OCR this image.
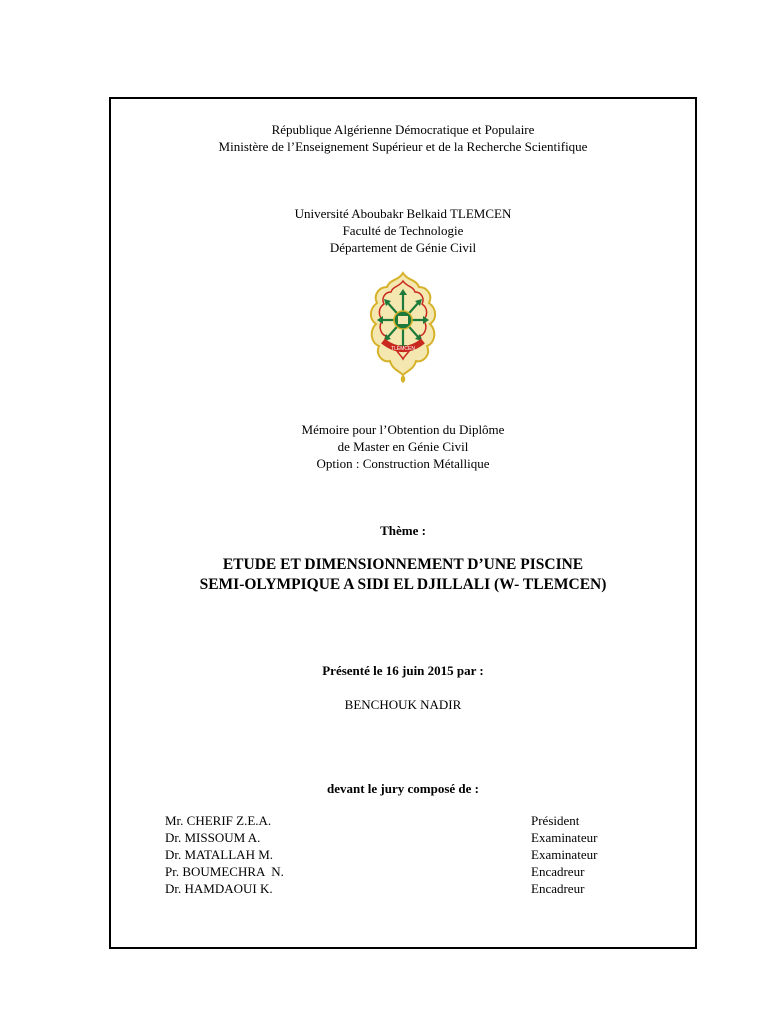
République Algérienne Démocratique et Populaire
Ministère de l’Enseignement Supérieur et de la Recherche Scientifique
Université Aboubakr Belkaid TLEMCEN
Faculté de Technologie
Département de Génie Civil
TLEMCEN
Mémoire pour l’Obtention du Diplôme
de Master en Génie Civil
Option : Construction Métallique
Thème :
ETUDE ET DIMENSIONNEMENT D’UNE PISCINE
SEMI-OLYMPIQUE A SIDI EL DJILLALI (W- TLEMCEN)
Présenté le 16 juin 2015 par :
BENCHOUK NADIR
devant le jury composé de :
Mr. CHERIF Z.E.A.	Président
Dr. MISSOUM A.	Examinateur
Dr. MATALLAH M.	Examinateur
Pr. BOUMECHRA  N.	Encadreur
Dr. HAMDAOUI K.	Encadreur
